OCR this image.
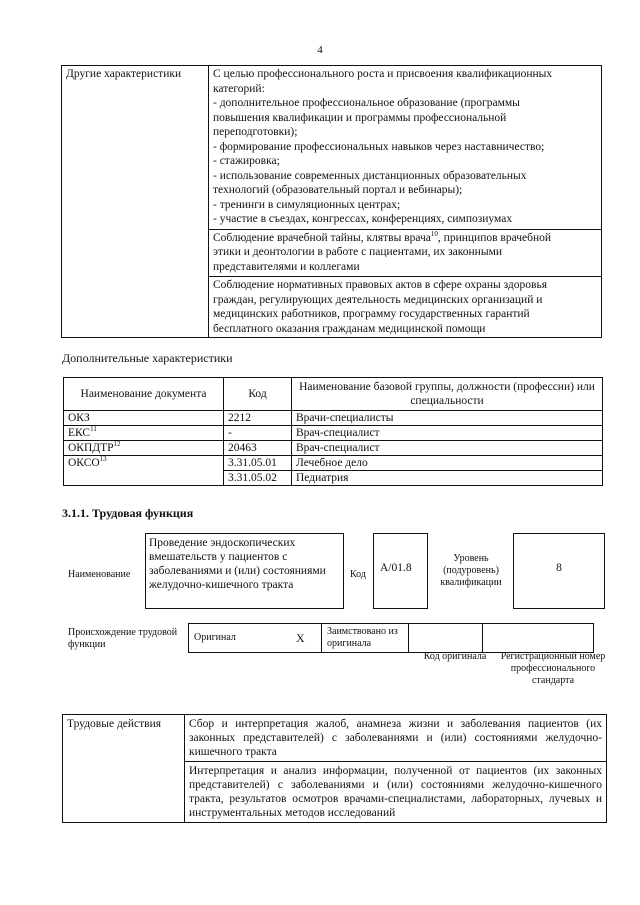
4
Другие характеристики	С целью профессионального роста и присвоения квалификационных
категорий:
- дополнительное профессиональное образование (программы
повышения квалификации и программы профессиональной
переподготовки);
- формирование профессиональных навыков через наставничество;
- стажировка;
- использование современных дистанционных образовательных
технологий (образовательный портал и вебинары);
- тренинги в симуляционных центрах;
- участие в съездах, конгрессах, конференциях, симпозиумах
Соблюдение врачебной тайны, клятвы врача$^{10}$, принципов врачебной
этики и деонтологии в работе с пациентами, их законными
представителями и коллегами
Соблюдение нормативных правовых актов в сфере охраны здоровья
граждан, регулирующих деятельность медицинских организаций и
медицинских работников, программу государственных гарантий
бесплатного оказания гражданам медицинской помощи
Дополнительные характеристики
Наименование документа	Код	Наименование базовой группы, должности (профессии) или специальности
ОКЗ	2212	Врачи-специалисты
ЕКС$^{11}$	-	Врач-специалист
ОКПДТР$^{12}$	20463	Врач-специалист
ОКСО$^{13}$	3.31.05.01	Лечебное дело
	3.31.05.02	Педиатрия
3.1.1. Трудовая функция
Наименование
Проведение эндоскопических вмешательств у пациентов с заболеваниями и (или) состояниями желудочно-кишечного тракта
Код
A/01.8
Уровень (подуровень) квалификации
8
Происхождение трудовой функции
Оригинал	X	Заимствовано из оригинала		
Код оригинала	Регистрационный номер профессионального стандарта
Трудовые действия	Сбор и интерпретация жалоб, анамнеза жизни и заболевания пациентов (их законных представителей) с заболеваниями и (или) состояниями желудочно-кишечного тракта
Интерпретация и анализ информации, полученной от пациентов (их законных представителей) с заболеваниями и (или) состояниями желудочно-кишечного тракта, результатов осмотров врачами-специалистами, лабораторных, лучевых и инструментальных методов исследований
